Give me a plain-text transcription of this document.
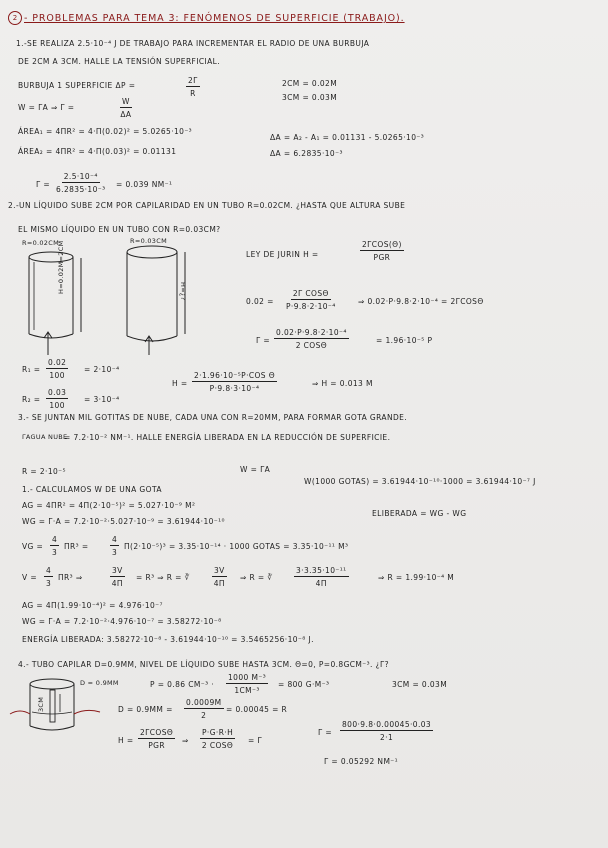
2 - PROBLEMAS PARA TEMA 3: FENÓMENOS DE SUPERFICIE (TRABAJO).
1.-SE REALIZA 2.5·10⁻⁴ J DE TRABAJO PARA INCREMENTAR EL RADIO DE UNA BURBUJA
DE 2CM A 3CM. HALLE LA TENSIÓN SUPERFICIAL.
BURBUJA 1 SUPERFICIE ΔP =	$\frac{2\Gamma}{R}$	2CM = 0.02M
3CM = 0.03M
W = ΓA ⇒ Γ =	$\frac{W}{\Delta A}$
ÁREA₁ = 4ΠR² = 4·Π(0.02)² = 5.0265·10⁻³
ÁREA₂ = 4ΠR² = 4·Π(0.03)² = 0.01131
ΔA = A₂ - A₁ = 0.01131 - 5.0265·10⁻³
ΔA = 6.2835·10⁻³
$\Gamma = \frac{\text{2.5·10⁻⁴}}{\text{6.2835·10⁻³}} = 0.039$ NM⁻¹
2.-UN LÍQUIDO SUBE 2CM POR CAPILARIDAD EN UN TUBO R=0.02CM. ¿HASTA QUE ALTURA SUBE
EL MISMO LÍQUIDO EN UN TUBO CON R=0.03CM?
R=0.02CM	R=0.03CM
H=0.02M=2CM	H=¿?
LEY DE JURIN H =
2ΓCOS(Θ)
ΡGR
0.02 =
2Γ COSΘ
Ρ·9.8·2·10⁻⁴
⇒ 0.02·Ρ·9.8·2·10⁻⁴ = 2ΓCOSΘ
Γ =
0.02·Ρ·9.8·2·10⁻⁴
2 COSΘ
= 1.96·10⁻⁵ Ρ
$R_1 = \frac{0.02}{100} = 2\cdot 10^{-4}$
$R_2 = \frac{0.03}{100} = 3\cdot 10^{-4}$
H =
2·1.96·10⁻⁵Ρ·COS Θ
Ρ·9.8·3·10⁻⁴
⇒ H = 0.013 M
3.- SE JUNTAN MIL GOTITAS DE NUBE, CADA UNA CON R=20ΜM, PARA FORMAR GOTA GRANDE.
ΓAGUA NUBE
= 7.2·10⁻² NM⁻¹. HALLE ENERGÍA LIBERADA EN LA REDUCCIÓN DE SUPERFICIE.
R = 2·10⁻⁵	W = ΓA
W(1000 GOTAS) = 3.61944·10⁻¹⁰·1000 = 3.61944·10⁻⁷ J
1.- CALCULAMOS W DE UNA GOTA
AG = 4ΠR² = 4Π(2·10⁻⁵)² = 5.027·10⁻⁹ M²
WG = Γ·A = 7.2·10⁻²·5.027·10⁻⁹ = 3.61944·10⁻¹⁰
ELIBERADA = WG - WG
VG = $\frac{4}{3} \Pi R^3$ =	$\frac{4}{3} \Pi(2\cdot 10^{-5})^3 = 3.35\cdot 10^{-14} \cdot 1000$ GOTAS = 3.35·10⁻¹¹ M³
$V = \frac{4}{3} \Pi R^3$ ⇒	$\frac{3V}{4\Pi} = R^3$ ⇒ R = ∛	$\frac{3V}{4\Pi}$ ⇒ R = ∛	$\frac{\text{3·3.35·10⁻¹¹}}{4\Pi}$	⇒ R = 1.99·10⁻⁴ M
AG = 4Π(1.99·10⁻⁴)² = 4.976·10⁻⁷
WG = Γ·A = 7.2·10⁻²·4.976·10⁻⁷ = 3.58272·10⁻⁸
ENERGÍA LIBERADA: 3.58272·10⁻⁸ - 3.61944·10⁻¹⁰ = 3.5465256·10⁻⁸ J.
4.- TUBO CAPILAR D=0.9MM, NIVEL DE LÍQUIDO SUBE HASTA 3CM. Θ=0, Ρ=0.8GCM⁻³. ¿Γ?
3CM
D = 0.9MM	Ρ = 0.86 $CM^{-3} \cdot \frac{\text{1000 M⁻³}}{\text{1CM⁻³}} = 800$ G·M⁻³	3CM = 0.03M
$D = 0.9MM = \frac{0.0009M}{2} = 0.00045 = R$
H =
2ΓCOSΘ
ΡGR
⇒
Ρ·G·R·H
2 COSΘ
= Γ
$\Gamma = \frac{800\cdot 9.8\cdot 0.00045\cdot 0.03}{2\cdot 1}$
Γ = 0.05292 NM⁻¹
